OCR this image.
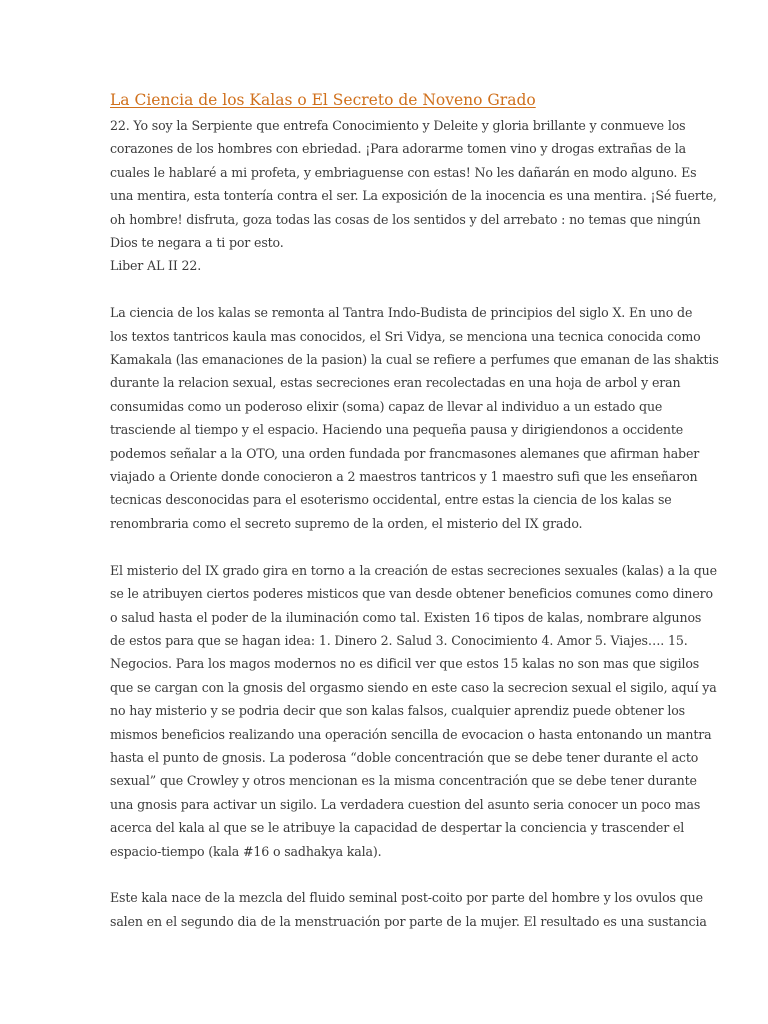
La Ciencia de los Kalas o El Secreto de Noveno Grado

22. Yo soy la Serpiente que entrefa Conocimiento y Deleite y gloria brillante y conmueve los
corazones de los hombres con ebriedad. ¡Para adorarme tomen vino y drogas extrañas de la
cuales le hablaré a mi profeta, y embriaguense con estas! No les dañarán en modo alguno. Es
una mentira, esta tontería contra el ser. La exposición de la inocencia es una mentira. ¡Sé fuerte,
oh hombre! disfruta, goza todas las cosas de los sentidos y del arrebato : no temas que ningún
Dios te negara a ti por esto.
Liber AL II 22.

La ciencia de los kalas se remonta al Tantra Indo-Budista de principios del siglo X. En uno de
los textos tantricos kaula mas conocidos, el Sri Vidya, se menciona una tecnica conocida como
Kamakala (las emanaciones de la pasion) la cual se refiere a perfumes que emanan de las shaktis
durante la relacion sexual, estas secreciones eran recolectadas en una hoja de arbol y eran
consumidas como un poderoso elixir (soma) capaz de llevar al individuo a un estado que
trasciende al tiempo y el espacio. Haciendo una pequeña pausa y dirigiendonos a occidente
podemos señalar a la OTO, una orden fundada por francmasones alemanes que afirman haber
viajado a Oriente donde conocieron a 2 maestros tantricos y 1 maestro sufi que les enseñaron
tecnicas desconocidas para el esoterismo occidental, entre estas la ciencia de los kalas se
renombraria como el secreto supremo de la orden, el misterio del IX grado.

El misterio del IX grado gira en torno a la creación de estas secreciones sexuales (kalas) a la que
se le atribuyen ciertos poderes misticos que van desde obtener beneficios comunes como dinero
o salud hasta el poder de la iluminación como tal. Existen 16 tipos de kalas, nombrare algunos
de estos para que se hagan idea: 1. Dinero 2. Salud 3. Conocimiento 4. Amor 5. Viajes…. 15.
Negocios. Para los magos modernos no es dificil ver que estos 15 kalas no son mas que sigilos
que se cargan con la gnosis del orgasmo siendo en este caso la secrecion sexual el sigilo, aquí ya
no hay misterio y se podria decir que son kalas falsos, cualquier aprendiz puede obtener los
mismos beneficios realizando una operación sencilla de evocacion o hasta entonando un mantra
hasta el punto de gnosis. La poderosa “doble concentración que se debe tener durante el acto
sexual” que Crowley y otros mencionan es la misma concentración que se debe tener durante
una gnosis para activar un sigilo. La verdadera cuestion del asunto seria conocer un poco mas
acerca del kala al que se le atribuye la capacidad de despertar la conciencia y trascender el
espacio-tiempo (kala #16 o sadhakya kala).

Este kala nace de la mezcla del fluido seminal post-coito por parte del hombre y los ovulos que
salen en el segundo dia de la menstruación por parte de la mujer. El resultado es una sustancia
